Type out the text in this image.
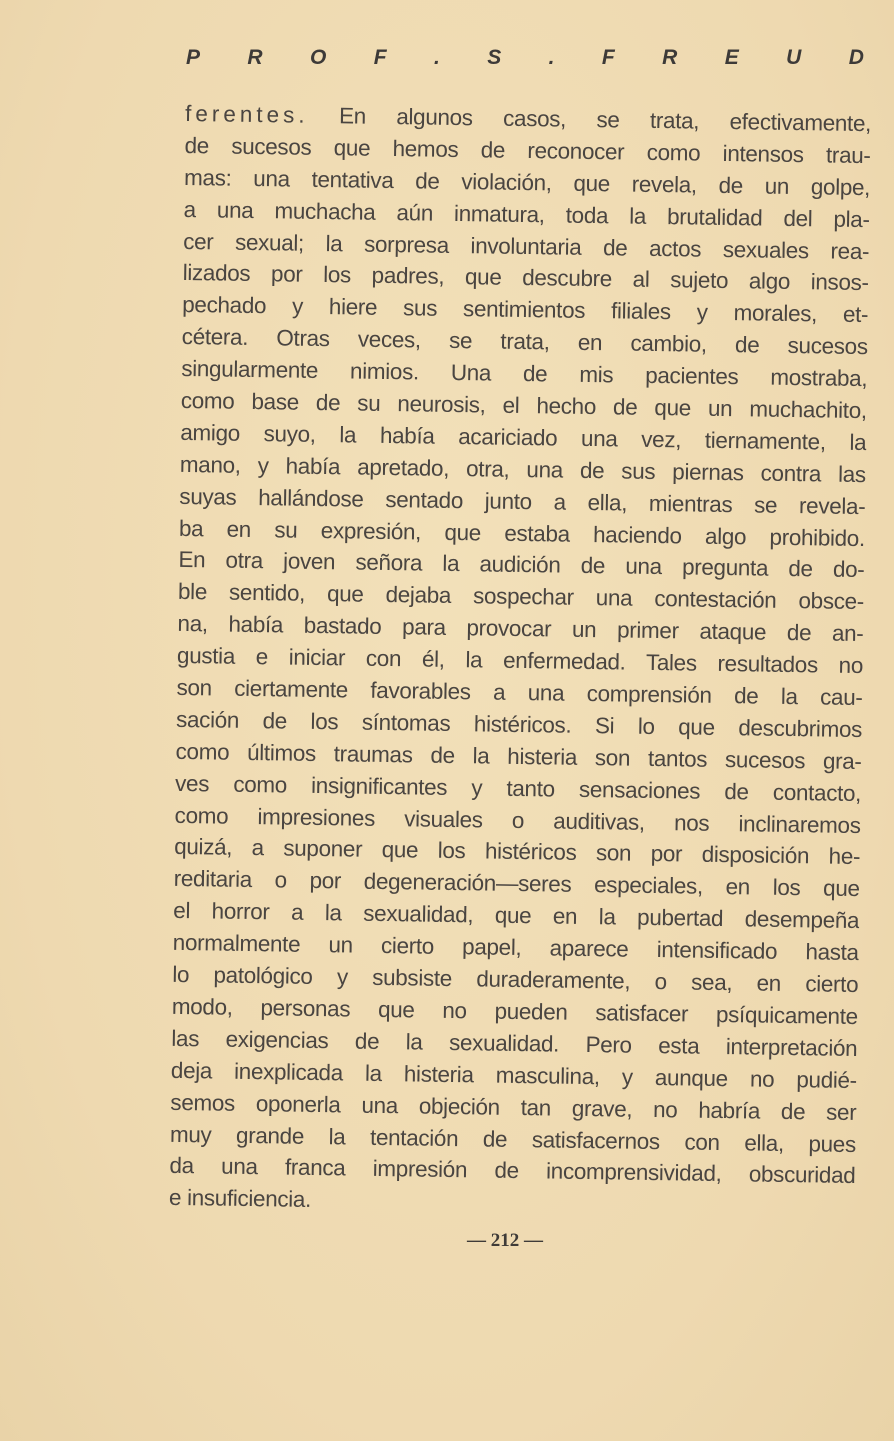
P R O F . S . F R E U D
ferentes. En algunos casos, se trata, efectivamente,
de sucesos que hemos de reconocer como intensos trau-
mas: una tentativa de violación, que revela, de un golpe,
a una muchacha aún inmatura, toda la brutalidad del pla-
cer sexual; la sorpresa involuntaria de actos sexuales rea-
lizados por los padres, que descubre al sujeto algo insos-
pechado y hiere sus sentimientos filiales y morales, et-
cétera. Otras veces, se trata, en cambio, de sucesos
singularmente nimios. Una de mis pacientes mostraba,
como base de su neurosis, el hecho de que un muchachito,
amigo suyo, la había acariciado una vez, tiernamente, la
mano, y había apretado, otra, una de sus piernas contra las
suyas hallándose sentado junto a ella, mientras se revela-
ba en su expresión, que estaba haciendo algo prohibido.
En otra joven señora la audición de una pregunta de do-
ble sentido, que dejaba sospechar una contestación obsce-
na, había bastado para provocar un primer ataque de an-
gustia e iniciar con él, la enfermedad. Tales resultados no
son ciertamente favorables a una comprensión de la cau-
sación de los síntomas histéricos. Si lo que descubrimos
como últimos traumas de la histeria son tantos sucesos gra-
ves como insignificantes y tanto sensaciones de contacto,
como impresiones visuales o auditivas, nos inclinaremos
quizá, a suponer que los histéricos son por disposición he-
reditaria o por degeneración—seres especiales, en los que
el horror a la sexualidad, que en la pubertad desempeña
normalmente un cierto papel, aparece intensificado hasta
lo patológico y subsiste duraderamente, o sea, en cierto
modo, personas que no pueden satisfacer psíquicamente
las exigencias de la sexualidad. Pero esta interpretación
deja inexplicada la histeria masculina, y aunque no pudié-
semos oponerla una objeción tan grave, no habría de ser
muy grande la tentación de satisfacernos con ella, pues
da una franca impresión de incomprensividad, obscuridad
e insuficiencia.
— 212 —
